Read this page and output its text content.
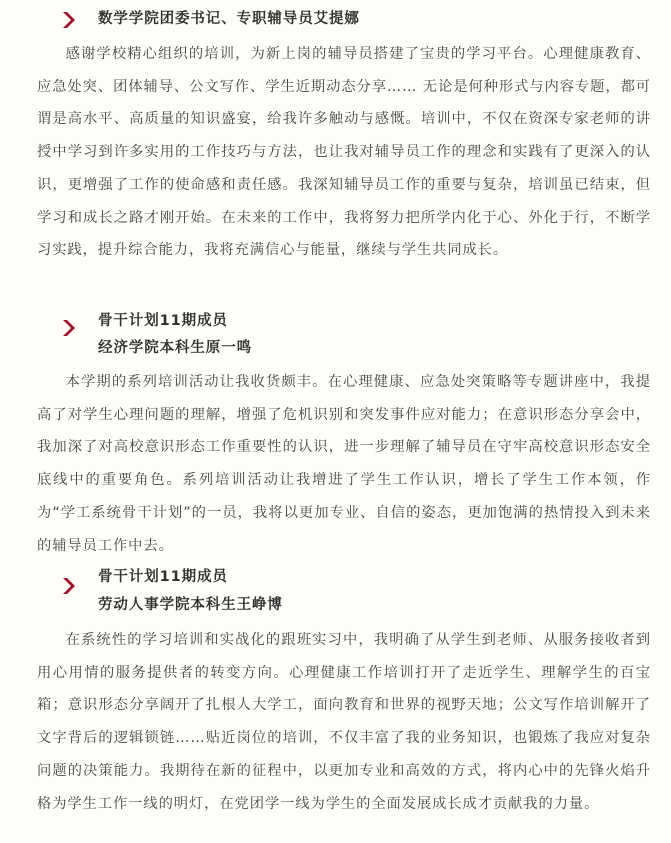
数学学院团委书记、专职辅导员艾提娜

感谢学校精心组织的培训，为新上岗的辅导员搭建了宝贵的学习平台。心理健康教育、应急处突、团体辅导、公文写作、学生近期动态分享…… 无论是何种形式与内容专题，都可谓是高水平、高质量的知识盛宴，给我许多触动与感慨。培训中，不仅在资深专家老师的讲授中学习到许多实用的工作技巧与方法，也让我对辅导员工作的理念和实践有了更深入的认识，更增强了工作的使命感和责任感。我深知辅导员工作的重要与复杂，培训虽已结束，但学习和成长之路才刚开始。在未来的工作中，我将努力把所学内化于心、外化于行，不断学习实践，提升综合能力，我将充满信心与能量，继续与学生共同成长。

骨干计划11期成员
经济学院本科生原一鸣

本学期的系列培训活动让我收货颇丰。在心理健康、应急处突策略等专题讲座中，我提高了对学生心理问题的理解，增强了危机识别和突发事件应对能力；在意识形态分享会中，我加深了对高校意识形态工作重要性的认识，进一步理解了辅导员在守牢高校意识形态安全底线中的重要角色。系列培训活动让我增进了学生工作认识，增长了学生工作本领，作为“学工系统骨干计划”的一员，我将以更加专业、自信的姿态，更加饱满的热情投入到未来的辅导员工作中去。

骨干计划11期成员
劳动人事学院本科生王峥博

在系统性的学习培训和实战化的跟班实习中，我明确了从学生到老师、从服务接收者到用心用情的服务提供者的转变方向。心理健康工作培训打开了走近学生、理解学生的百宝箱；意识形态分享阔开了扎根人大学工，面向教育和世界的视野天地；公文写作培训解开了文字背后的逻辑锁链……贴近岗位的培训，不仅丰富了我的业务知识，也锻炼了我应对复杂问题的决策能力。我期待在新的征程中，以更加专业和高效的方式，将内心中的先锋火焰升格为学生工作一线的明灯，在党团学一线为学生的全面发展成长成才贡献我的力量。
